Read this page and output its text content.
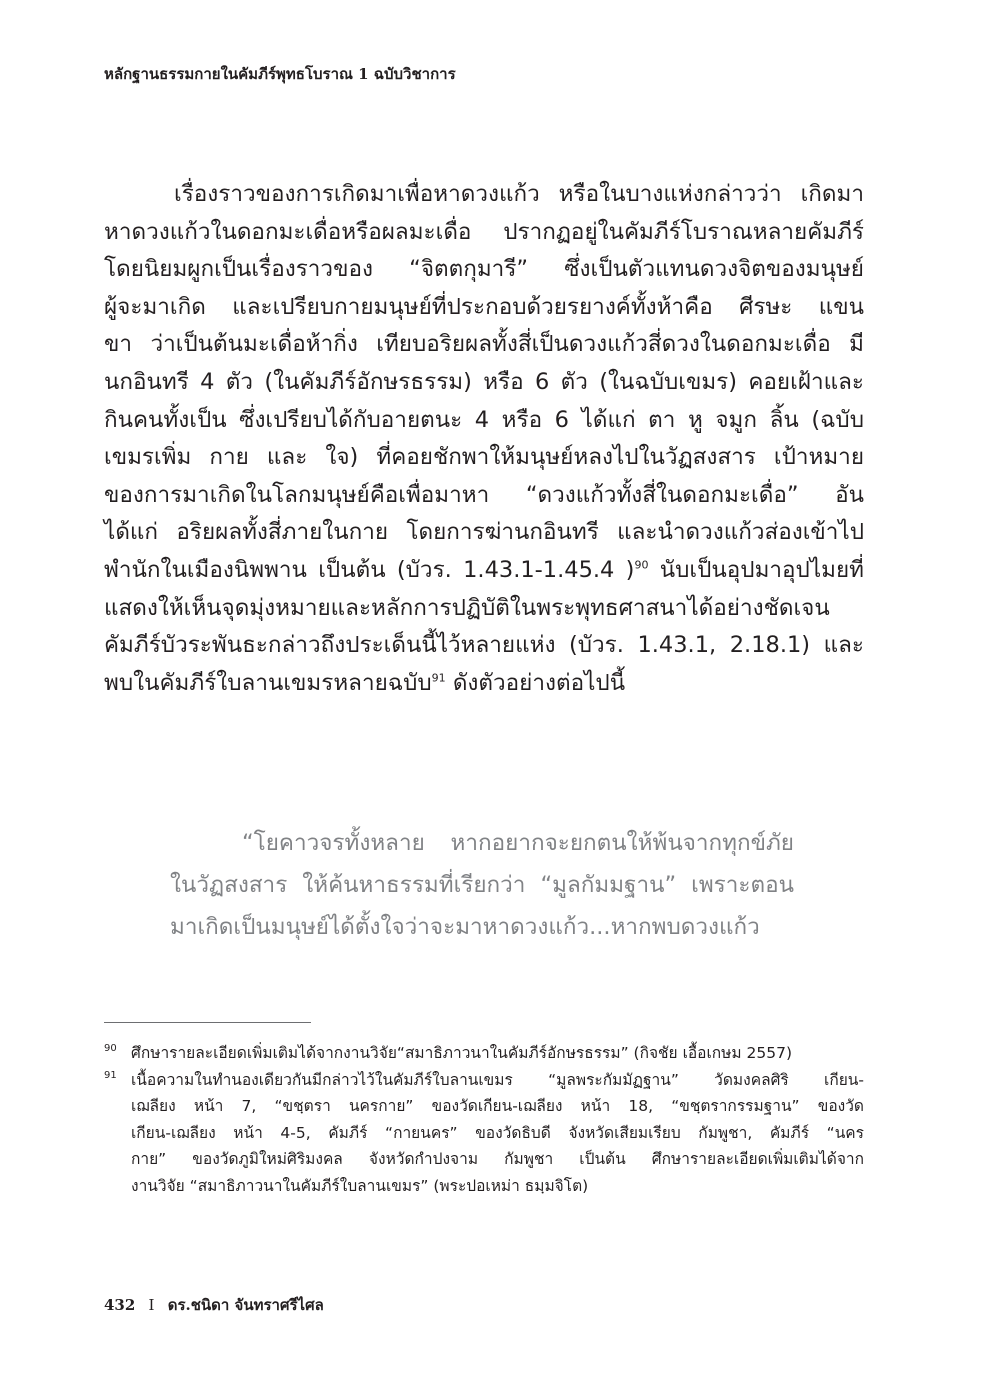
หลักฐานธรรมกายในคัมภีร์พุทธโบราณ 1 ฉบับวิชาการ
เรื่องราวของการเกิดมาเพื่อหาดวงแก้ว หรือในบางแห่งกล่าวว่า เกิดมา
หาดวงแก้วในดอกมะเดื่อหรือผลมะเดื่อ ปรากฏอยู่ในคัมภีร์โบราณหลายคัมภีร์
โดยนิยมผูกเป็นเรื่องราวของ “จิตตกุมารี” ซึ่งเป็นตัวแทนดวงจิตของมนุษย์
ผู้จะมาเกิด และเปรียบกายมนุษย์ที่ประกอบด้วยรยางค์ทั้งห้าคือ ศีรษะ แขน
ขา ว่าเป็นต้นมะเดื่อห้ากิ่ง เทียบอริยผลทั้งสี่เป็นดวงแก้วสี่ดวงในดอกมะเดื่อ มี
นกอินทรี 4 ตัว (ในคัมภีร์อักษรธรรม) หรือ 6 ตัว (ในฉบับเขมร) คอยเฝ้าและ
กินคนทั้งเป็น ซึ่งเปรียบได้กับอายตนะ 4 หรือ 6 ได้แก่ ตา หู จมูก ลิ้น (ฉบับ
เขมรเพิ่ม กาย และ ใจ) ที่คอยชักพาให้มนุษย์หลงไปในวัฏสงสาร เป้าหมาย
ของการมาเกิดในโลกมนุษย์คือเพื่อมาหา “ดวงแก้วทั้งสี่ในดอกมะเดื่อ” อัน
ได้แก่ อริยผลทั้งสี่ภายในกาย โดยการฆ่านกอินทรี และนำดวงแก้วส่องเข้าไป
พำนักในเมืองนิพพาน เป็นต้น (บัวร. 1.43.1-1.45.4 )$^{90}$ นับเป็นอุปมาอุปไมยที่
แสดงให้เห็นจุดมุ่งหมายและหลักการปฏิบัติในพระพุทธศาสนาได้อย่างชัดเจน
คัมภีร์บัวระพันธะกล่าวถึงประเด็นนี้ไว้หลายแห่ง (บัวร. 1.43.1, 2.18.1) และ
พบในคัมภีร์ใบลานเขมรหลายฉบับ$^{91}$ ดังตัวอย่างต่อไปนี้
“โยคาวจรทั้งหลาย หากอยากจะยกตนให้พ้นจากทุกข์ภัย
ในวัฏสงสาร ให้ค้นหาธรรมที่เรียกว่า “มูลกัมมฐาน” เพราะตอน
มาเกิดเป็นมนุษย์ได้ตั้งใจว่าจะมาหาดวงแก้ว...หากพบดวงแก้ว
90 ศึกษารายละเอียดเพิ่มเติมได้จากงานวิจัย“สมาธิภาวนาในคัมภีร์อักษรธรรม” (กิจชัย เอื้อเกษม 2557)
91 เนื้อความในทำนองเดียวกันมีกล่าวไว้ในคัมภีร์ใบลานเขมร “มูลพระกัมมัฏฐาน” วัดมงคลศิริ เกียน-
เฌลียง หน้า 7, “ขชฺตรา นครกาย” ของวัดเกียน-เฌลียง หน้า 18, “ขชฺตรากรรมฐาน” ของวัด
เกียน-เฌลียง หน้า 4-5, คัมภีร์ “กายนคร” ของวัดธิบดี จังหวัดเสียมเรียบ กัมพูชา, คัมภีร์ “นคร
กาย” ของวัดภูมิใหม่ศิริมงคล จังหวัดกำปงจาม กัมพูชา เป็นต้น ศึกษารายละเอียดเพิ่มเติมได้จาก
งานวิจัย “สมาธิภาวนาในคัมภีร์ใบลานเขมร” (พระปอเหม่า ธมฺมจิโต)
432 I ดร.ชนิดา จันทราศรีไศล
